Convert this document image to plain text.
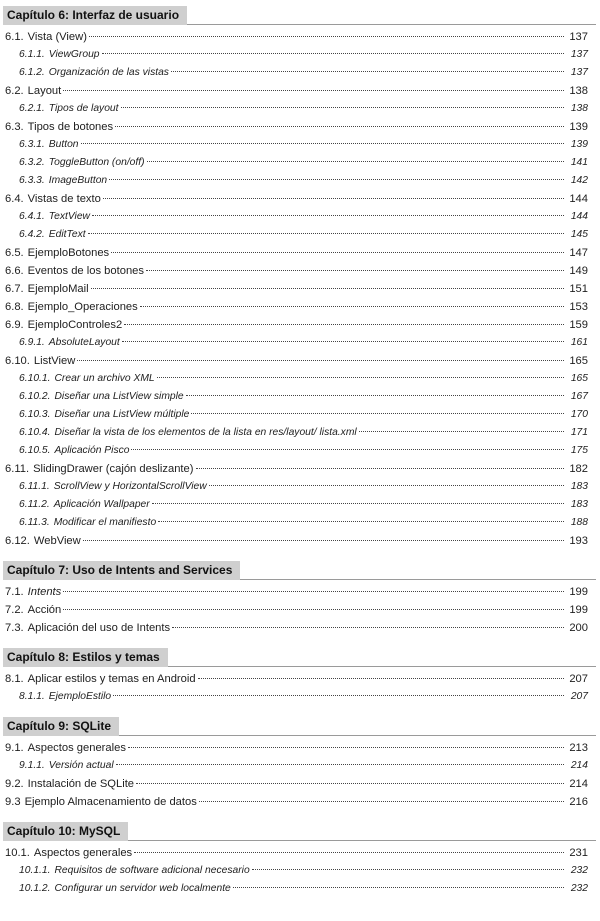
Capítulo 6: Interfaz de usuario
6.1. Vista (View)	137
6.1.1. ViewGroup	137
6.1.2. Organización de las vistas	137
6.2. Layout	138
6.2.1. Tipos de layout	138
6.3. Tipos de botones	139
6.3.1. Button	139
6.3.2. ToggleButton (on/off)	141
6.3.3. ImageButton	142
6.4. Vistas de texto	144
6.4.1. TextView	144
6.4.2. EditText	145
6.5. EjemploBotones	147
6.6. Eventos de los botones	149
6.7. EjemploMail	151
6.8. Ejemplo_Operaciones	153
6.9. EjemploControles2	159
6.9.1. AbsoluteLayout	161
6.10. ListView	165
6.10.1. Crear un archivo XML	165
6.10.2. Diseñar una ListView simple	167
6.10.3. Diseñar una ListView múltiple	170
6.10.4. Diseñar la vista de los elementos de la lista en res/layout/ lista.xml	171
6.10.5. Aplicación Pisco	175
6.11. SlidingDrawer (cajón deslizante)	182
6.11.1. ScrollView y HorizontalScrollView	183
6.11.2. Aplicación Wallpaper	183
6.11.3. Modificar el manifiesto	188
6.12. WebView	193
Capítulo 7: Uso de Intents and Services
7.1. Intents	199
7.2. Acción	199
7.3. Aplicación del uso de Intents	200
Capítulo 8: Estilos y temas
8.1. Aplicar estilos y temas en Android	207
8.1.1. EjemploEstilo	207
Capítulo 9: SQLite
9.1. Aspectos generales	213
9.1.1. Versión actual	214
9.2. Instalación de SQLite	214
9.3 Ejemplo Almacenamiento de datos	216
Capítulo 10: MySQL
10.1. Aspectos generales	231
10.1.1. Requisitos de software adicional necesario	232
10.1.2. Configurar un servidor web localmente	232
